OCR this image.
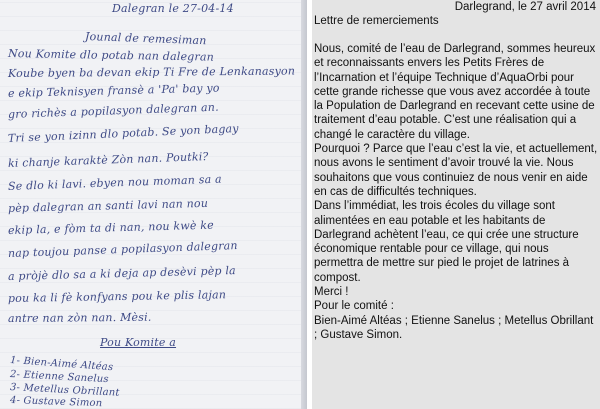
Dalegran le 27-04-14
Jounal de remesiman
Nou Komite dlo potab nan dalegran
Koube byen ba devan ekip Ti Fre de Lenkanasyon
e ekip Teknisyen fransè a 'Pa' bay yo
gro richès a popilasyon dalegran an.
Tri se yon izinn dlo potab. Se yon bagay
ki chanje karaktè Zòn nan. Poutki?
Se dlo ki lavi. ebyen nou moman sa a
pèp dalegran an santi lavi nan nou
ekip la, e fòm ta di nan, nou kwè ke
nap toujou panse a popilasyon dalegran
a pròjè dlo sa a ki deja ap desèvi pèp la
pou ka li fè konfyans pou ke plis lajan
antre nan zòn nan. Mèsi.
Pou Komite a
1- Bien-Aimé Altéas
2- Etienne Sanelus
3- Metellus Obrillant
4- Gustave Simon
Darlegrand, le 27 avril 2014
Lettre de remerciements

Nous, comité de l’eau de Darlegrand, sommes heureux et reconnaissants envers les Petits Frères de l’Incarnation et l’équipe Technique d’AquaOrbi pour cette grande richesse que vous avez accordée à toute la Population de Darlegrand en recevant cette usine de traitement d’eau potable. C’est une réalisation qui a changé le caractère du village.

Pourquoi ? Parce que l’eau c’est la vie, et actuellement, nous avons le sentiment d’avoir trouvé la vie. Nous souhaitons que vous continuiez de nous venir en aide en cas de difficultés techniques.

Dans l’immédiat, les trois écoles du village sont alimentées en eau potable et les habitants de Darlegrand achètent l’eau, ce qui crée une structure économique rentable pour ce village, qui nous permettra de mettre sur pied le projet de latrines à compost.

Merci !

Pour le comité :

Bien-Aimé Altéas ; Etienne Sanelus ; Metellus Obrillant ; Gustave Simon.
